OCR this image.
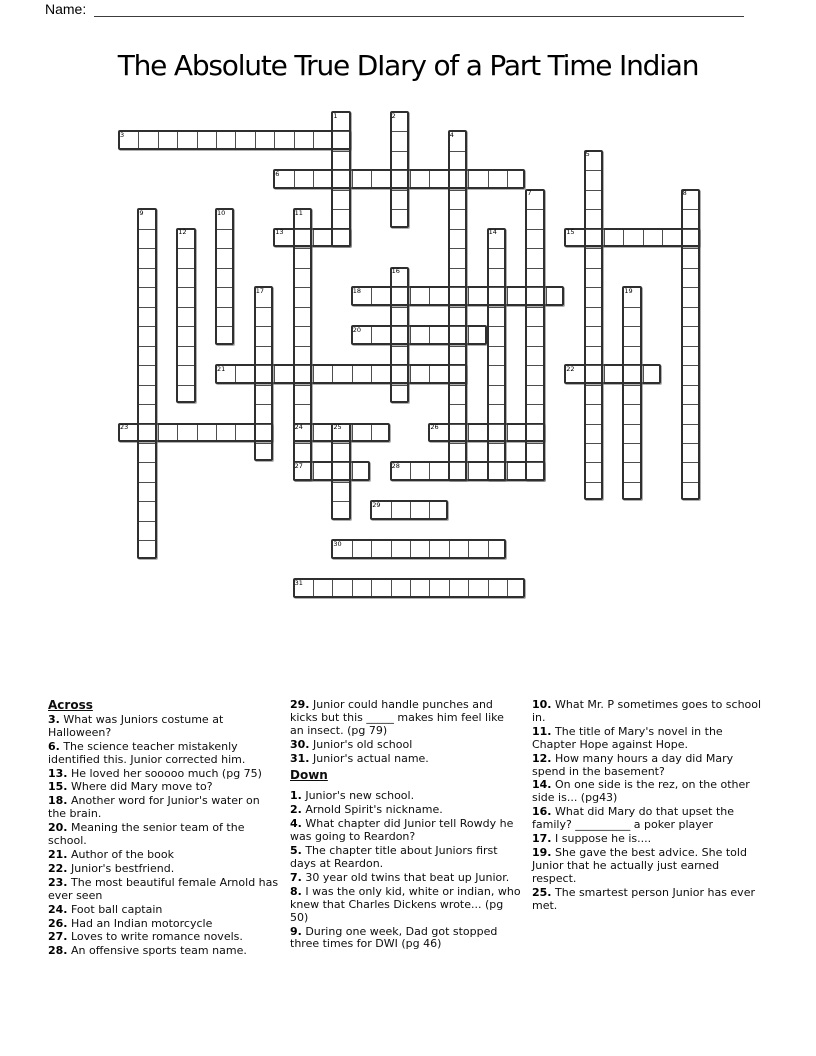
Name:
The Absolute True DIary of a Part Time Indian
3
6
13	15
18
20
21	22
23	24	26
27	28
29
30
31
1	2
4
5
7	8
9	10	11
12	14
16
17	19
25
Across
3. What was Juniors costume at Halloween?
6. The science teacher mistakenly identified this. Junior corrected him.
13. He loved her sooooo much (pg 75)
15. Where did Mary move to?
18. Another word for Junior's water on the brain.
20. Meaning the senior team of the school.
21. Author of the book
22. Junior's bestfriend.
23. The most beautiful female Arnold has ever seen
24. Foot ball captain
26. Had an Indian motorcycle
27. Loves to write romance novels.
28. An offensive sports team name.
29. Junior could handle punches and kicks but this _____ makes him feel like an insect. (pg 79)
30. Junior's old school
31. Junior's actual name.
Down
1. Junior's new school.
2. Arnold Spirit's nickname.
4. What chapter did Junior tell Rowdy he was going to Reardon?
5. The chapter title about Juniors first days at Reardon.
7. 30 year old twins that beat up Junior.
8. I was the only kid, white or indian, who knew that Charles Dickens wrote... (pg 50)
9. During one week, Dad got stopped three times for DWI (pg 46)
10. What Mr. P sometimes goes to school in.
11. The title of Mary's novel in the Chapter Hope against Hope.
12. How many hours a day did Mary spend in the basement?
14. On one side is the rez, on the other side is... (pg43)
16. What did Mary do that upset the family? __________ a poker player
17. I suppose he is....
19. She gave the best advice. She told Junior that he actually just earned respect.
25. The smartest person Junior has ever met.
